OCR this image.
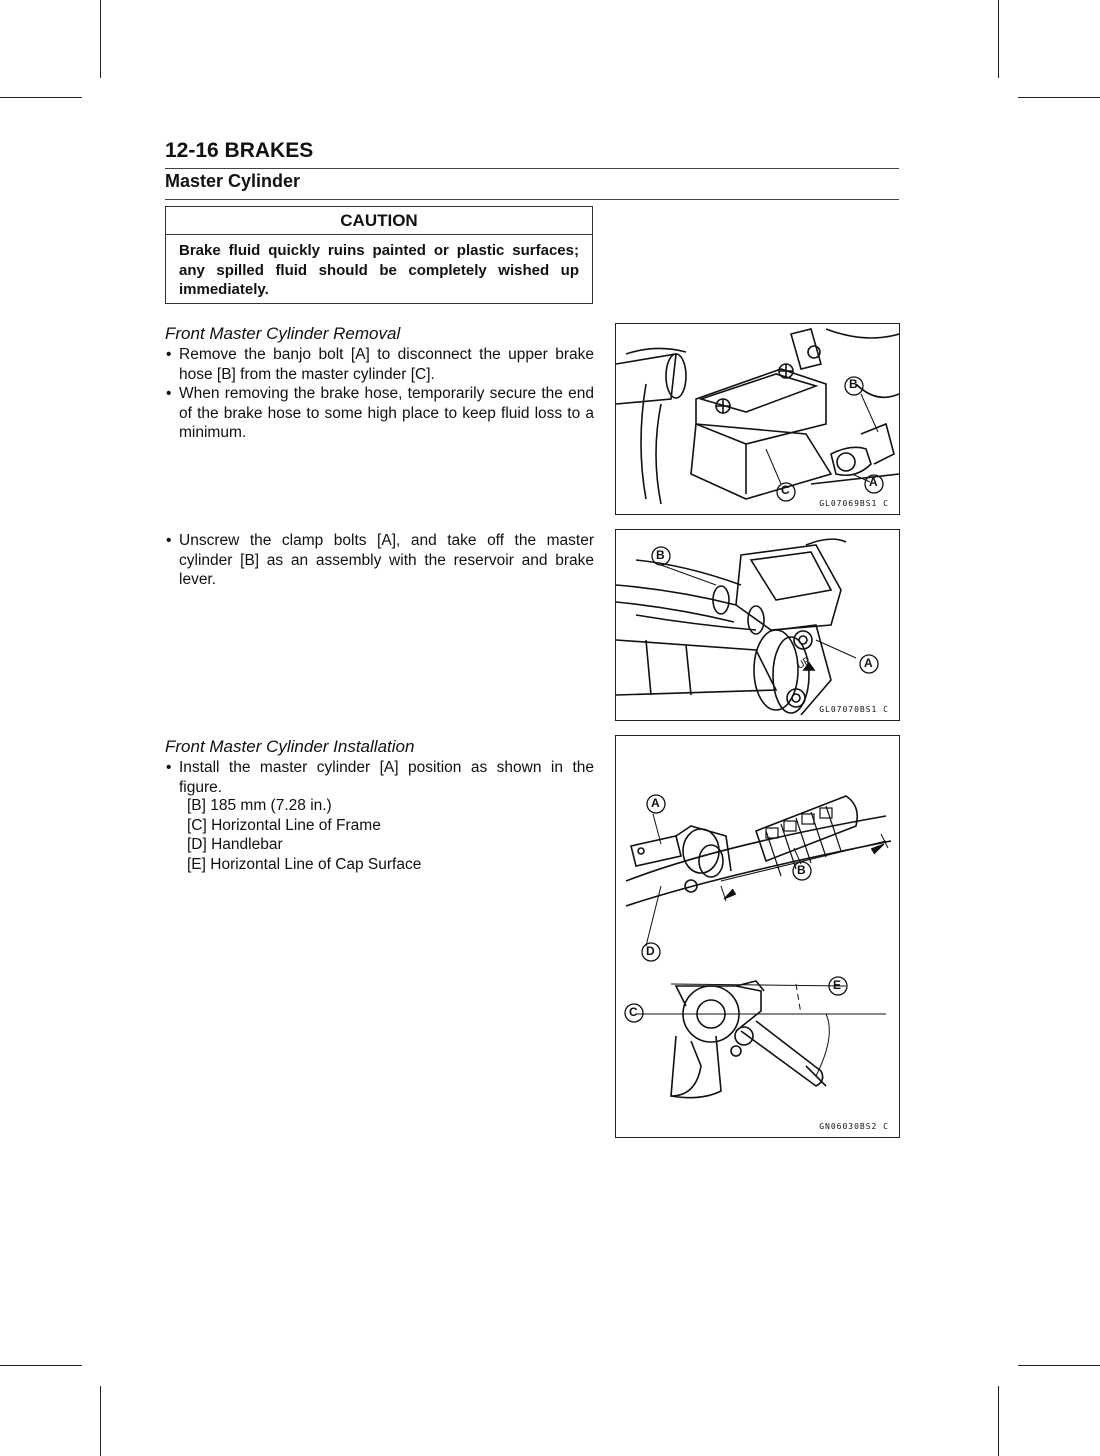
12-16 BRAKES
Master Cylinder
CAUTION
Brake fluid quickly ruins painted or plastic surfaces; any spilled fluid should be completely wished up immediately.
Front Master Cylinder Removal
• Remove the banjo bolt [A] to disconnect the upper brake hose [B] from the master cylinder [C].
• When removing the brake hose, temporarily secure the end of the brake hose to some high place to keep fluid loss to a minimum.
• Unscrew the clamp bolts [A], and take off the master cylinder [B] as an assembly with the reservoir and brake lever.
Front Master Cylinder Installation
• Install the master cylinder [A] position as shown in the figure.
[B] 185 mm (7.28 in.)
[C] Horizontal Line of Frame
[D] Handlebar
[E] Horizontal Line of Cap Surface
B
A
C
GL07069BS1 C
B
A
UP
GL07070BS1 C
A
B
D
E
C
GN06030BS2 C
